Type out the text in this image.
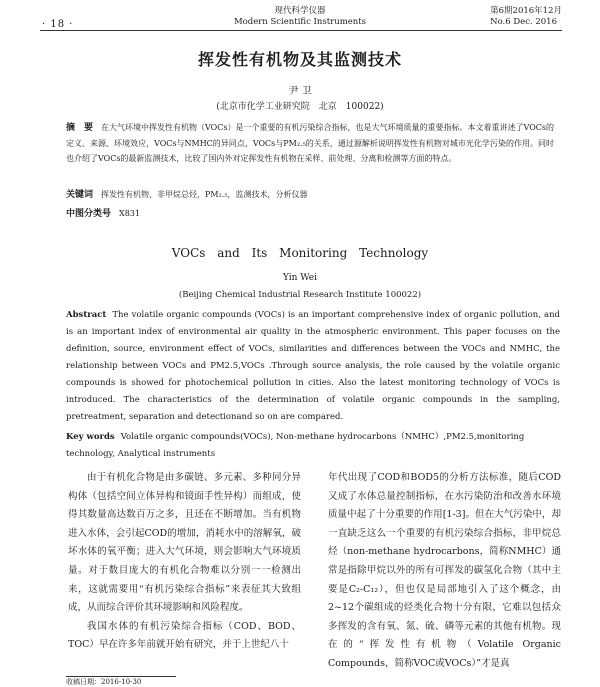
· 18 ·
现代科学仪器
Modern Scientific Instruments
第6期2016年12月
No.6 Dec. 2016
挥发性有机物及其监测技术
尹 卫
(北京市化学工业研究院　北京　100022)
摘　要 在大气环境中挥发性有机物（VOCs）是一个重要的有机污染综合指标，也是大气环境质量的重要指标。本文着重讲述了VOCs的定义、来源、环境效应，VOCs与NMHC的异同点，VOCs与PM₂.₅的关系，通过源解析说明挥发性有机物对城市光化学污染的作用。同时也介绍了VOCs的最新监测技术，比较了国内外对定挥发性有机物在采样、前处理、分离和检测等方面的特点。
关键词 挥发性有机物，非甲烷总烃，PM₂.₅，监测技术，分析仪器
中图分类号 X831
VOCs and Its Monitoring Technology
Yin Wei
(Beijing Chemical Industrial Research Institute 100022)
Abstract The volatile organic compounds (VOCs) is an important comprehensive index of organic pollution, and is an important index of environmental air quality in the atmospheric environment. This paper focuses on the definition, source, environment effect of VOCs, similarities and differences between the VOCs and NMHC, the relationship between VOCs and PM2.5,VOCs .Through source analysis, the role caused by the volatile organic compounds is showed for photochemical pollution in cities. Also the latest monitoring technology of VOCs is introduced. The characteristics of the determination of volatile organic compounds in the sampling, pretreatment, separation and detectionand so on are compared.
Key words Volatile organic compounds(VOCs), Non-methane hydrocarbons（NMHC）,PM2.5,monitoring technology, Analytical instruments

由于有机化合物是由多碳链、多元素、多种同分异构体（包括空间立体异构和镜面手性异构）而组成，使得其数量高达数百万之多，且还在不断增加。当有机物进入水体，会引起COD的增加，消耗水中的溶解氧，破坏水体的氧平衡；进入大气环境，则会影响大气环境质量。对于数目庞大的有机化合物难以分别一一检测出来，这就需要用“有机污染综合指标”来表征其大致组成，从而综合评价其环境影响和风险程度。

我国水体的有机污染综合指标（COD、BOD、TOC）早在许多年前就开始有研究，并于上世纪八十

年代出现了COD和BOD5的分析方法标准，随后COD又成了水体总量控制指标，在水污染防治和改善水环境质量中起了十分重要的作用[1-3]。但在大气污染中，却一直缺乏这么一个重要的有机污染综合指标，非甲烷总烃（non-methane hydrocarbons，简称NMHC）通常是指除甲烷以外的所有可挥发的碳氢化合物（其中主要是C₂-C₁₂），但也仅是局部地引入了这个概念，由2~12个碳组成的烃类化合物十分有限，它难以包括众多挥发的含有氧、氮、硫、磷等元素的其他有机物。现在的“挥发性有机物（Volatile Organic Compounds，简称VOC或VOCs）”才是真

收稿日期：2016-10-30
